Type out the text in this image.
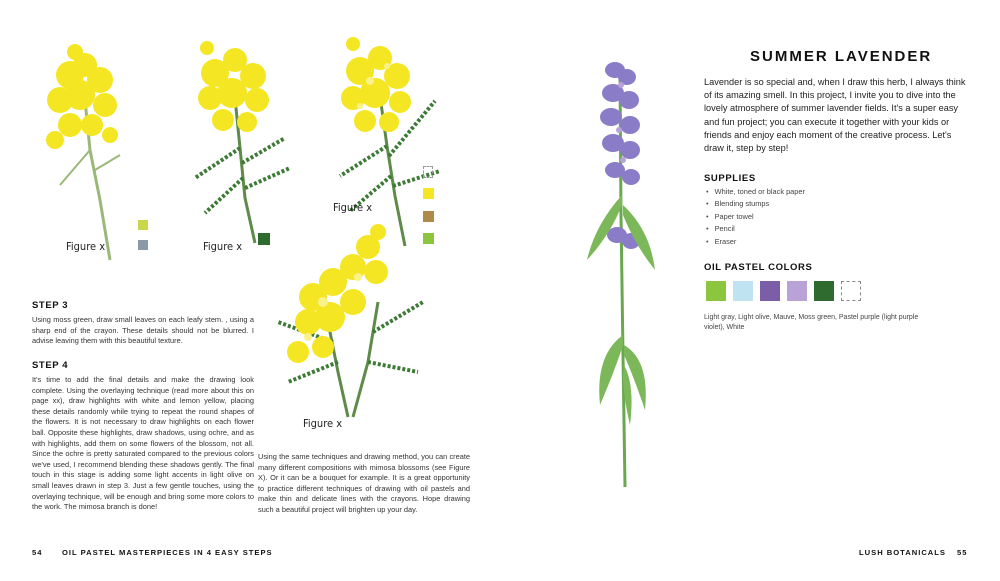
Figure x	Figure x
Figure x
Figure x
STEP 3
Using moss green, draw small leaves on each leafy stem. , using a sharp end of the crayon. These details should not be blurred. I advise leaving them with this beautiful texture.
STEP 4
It's time to add the final details and make the drawing look complete. Using the overlaying technique (read more about this on page xx), draw highlights with white and lemon yellow, placing these details randomly while trying to repeat the round shapes of the flowers. It is not necessary to draw highlights on each flower ball. Opposite these highlights, draw shadows, using ochre, and as with highlights, add them on some flowers of the blossom, not all. Since the ochre is pretty saturated compared to the previous colors we've used, I recommend blending these shadows gently. The final touch in this stage is adding some light accents in light olive on small leaves drawn in step 3. Just a few gentle touches, using the overlaying technique, will be enough and bring some more colors to the work. The mimosa branch is done!
Using the same techniques and drawing method, you can create many different compositions with mimosa blossoms (see Figure X). Or it can be a bouquet for example. It is a great opportunity to practice different techniques of drawing with oil pastels and make thin and delicate lines with the crayons. Hope drawing such a beautiful project will brighten up your day.
54	OIL PASTEL MASTERPIECES IN 4 EASY STEPS
SUMMER LAVENDER
Lavender is so special and, when I draw this herb, I always think of its amazing smell. In this project, I invite you to dive into the lovely atmosphere of summer lavender fields. It's a super easy and fun project; you can execute it together with your kids or friends and enjoy each moment of the creative process. Let's draw it, step by step!
SUPPLIES
• White, toned or black paper
• Blending stumps
• Paper towel
• Pencil
• Eraser
OIL PASTEL COLORS
Light gray, Light olive, Mauve, Moss green, Pastel purple (light purple violet), White
LUSH BOTANICALS 55
